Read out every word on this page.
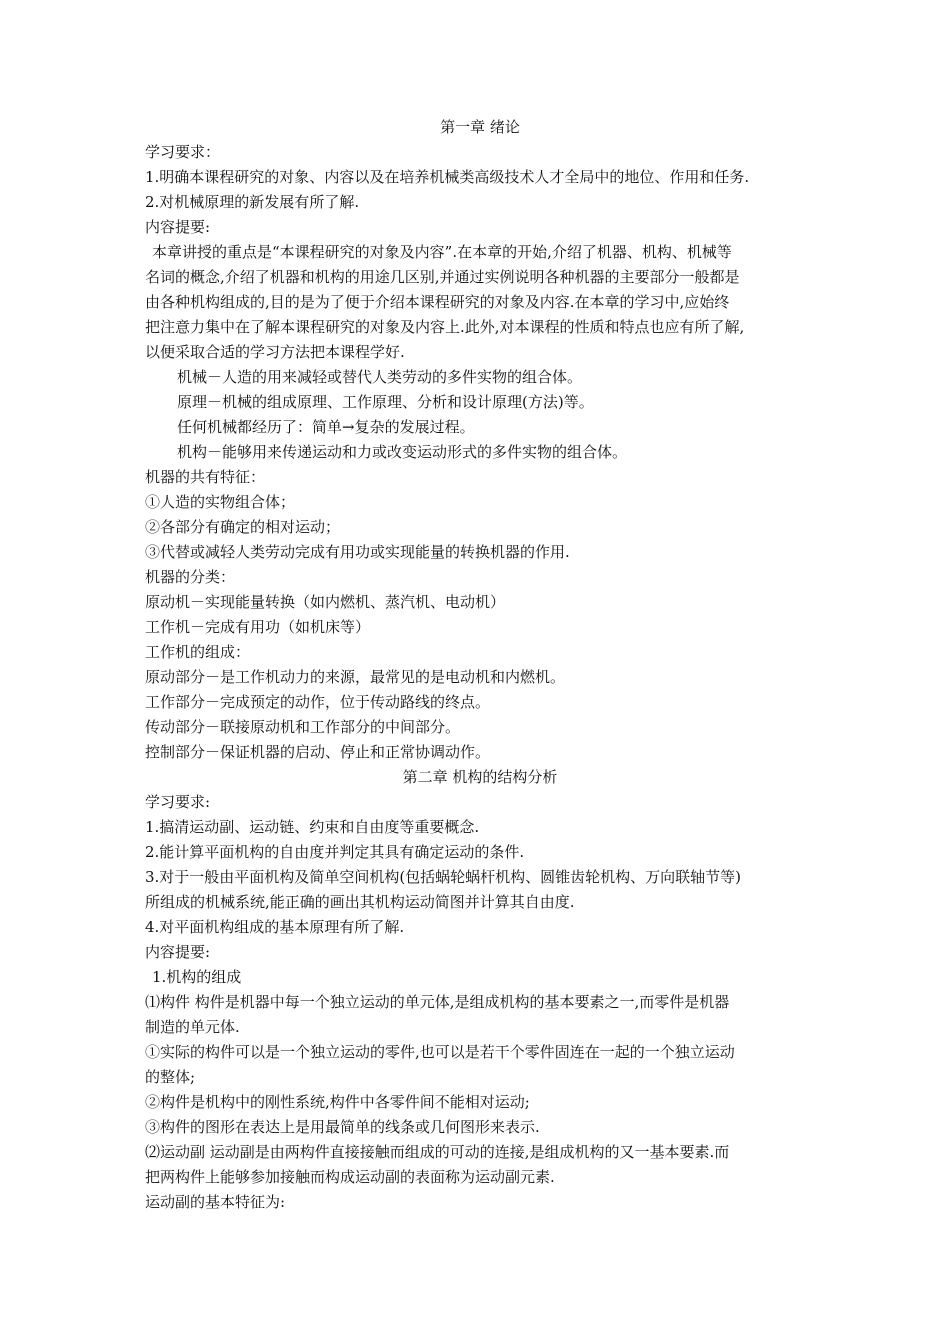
第一章 绪论
学习要求：
1.明确本课程研究的对象、内容以及在培养机械类高级技术人才全局中的地位、作用和任务.
2.对机械原理的新发展有所了解.
内容提要:
本章讲授的重点是“本课程研究的对象及内容”.在本章的开始,介绍了机器、机构、机械等
名词的概念,介绍了机器和机构的用途几区别,并通过实例说明各种机器的主要部分一般都是
由各种机构组成的,目的是为了便于介绍本课程研究的对象及内容.在本章的学习中,应始终
把注意力集中在了解本课程研究的对象及内容上.此外,对本课程的性质和特点也应有所了解,
以便采取合适的学习方法把本课程学好.
机械－人造的用来减轻或替代人类劳动的多件实物的组合体。
原理－机械的组成原理、工作原理、分析和设计原理(方法)等。
任何机械都经历了：简单→复杂的发展过程。
机构－能够用来传递运动和力或改变运动形式的多件实物的组合体。
机器的共有特征：
①人造的实物组合体；
②各部分有确定的相对运动；
③代替或减轻人类劳动完成有用功或实现能量的转换机器的作用.
机器的分类：
原动机－实现能量转换（如内燃机、蒸汽机、电动机）
工作机－完成有用功（如机床等）
工作机的组成：
原动部分－是工作机动力的来源，最常见的是电动机和内燃机。
工作部分－完成预定的动作，位于传动路线的终点。
传动部分－联接原动机和工作部分的中间部分。
控制部分－保证机器的启动、停止和正常协调动作。
第二章 机构的结构分析
学习要求:
1.搞清运动副、运动链、约束和自由度等重要概念.
2.能计算平面机构的自由度并判定其具有确定运动的条件.
3.对于一般由平面机构及简单空间机构(包括蜗轮蜗杆机构、圆锥齿轮机构、万向联轴节等)
所组成的机械系统,能正确的画出其机构运动简图并计算其自由度.
4.对平面机构组成的基本原理有所了解.
内容提要:
1.机构的组成
⑴构件 构件是机器中每一个独立运动的单元体,是组成机构的基本要素之一,而零件是机器
制造的单元体.
①实际的构件可以是一个独立运动的零件,也可以是若干个零件固连在一起的一个独立运动
的整体;
②构件是机构中的刚性系统,构件中各零件间不能相对运动;
③构件的图形在表达上是用最简单的线条或几何图形来表示.
⑵运动副 运动副是由两构件直接接触而组成的可动的连接,是组成机构的又一基本要素.而
把两构件上能够参加接触而构成运动副的表面称为运动副元素.
运动副的基本特征为:
